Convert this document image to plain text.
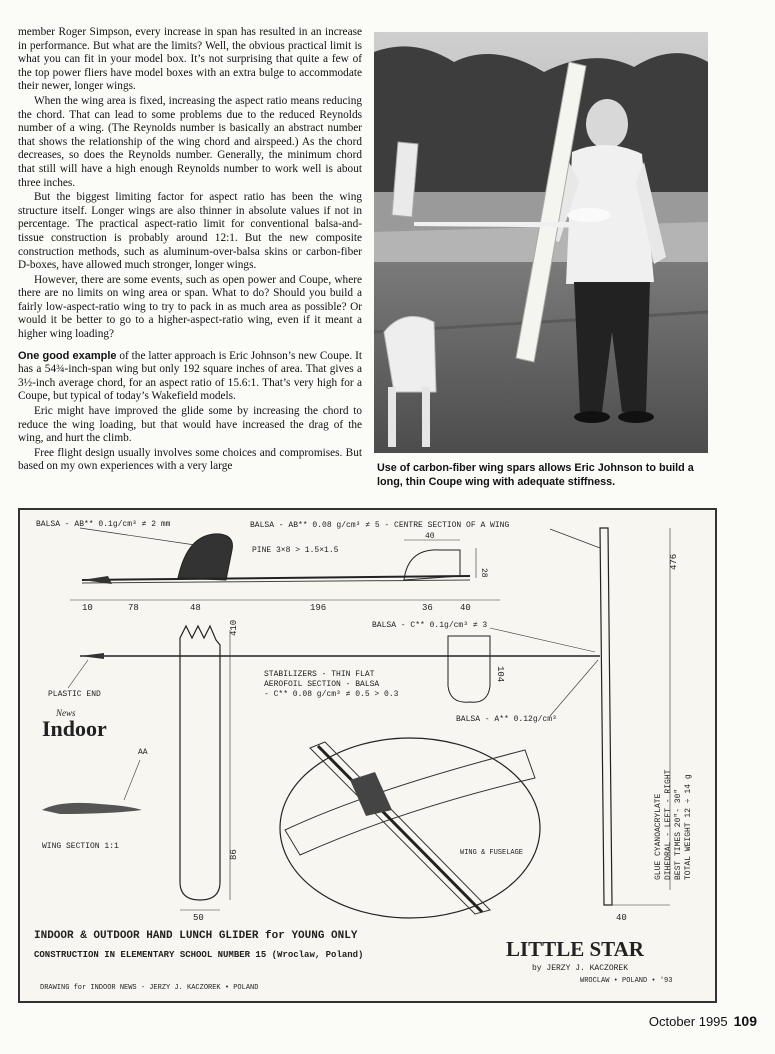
member Roger Simpson, every increase in span has resulted in an increase in performance. But what are the limits? Well, the obvious practical limit is what you can fit in your model box. It’s not surprising that quite a few of the top power fliers have model boxes with an extra bulge to accommodate their newer, longer wings.

When the wing area is fixed, increasing the aspect ratio means reducing the chord. That can lead to some problems due to the reduced Reynolds number of a wing. (The Reynolds number is basically an abstract number that shows the relationship of the wing chord and airspeed.) As the chord decreases, so does the Reynolds number. Generally, the minimum chord that still will have a high enough Reynolds number to work well is about three inches.

But the biggest limiting factor for aspect ratio has been the wing structure itself. Longer wings are also thinner in absolute values if not in percentage. The practical aspect-ratio limit for conventional balsa-and-tissue construction is probably around 12:1. But the new composite construction methods, such as aluminum-over-balsa skins or carbon-fiber D-boxes, have allowed much stronger, longer wings.

However, there are some events, such as open power and Coupe, where there are no limits on wing area or span. What to do? Should you build a fairly low-aspect-ratio wing to try to pack in as much area as possible? Or would it be better to go to a higher-aspect-ratio wing, even if it meant a higher wing loading?

One good example of the latter approach is Eric Johnson’s new Coupe. It has a 54¾-inch-span wing but only 192 square inches of area. That gives a 3½-inch average chord, for an aspect ratio of 15.6:1. That’s very high for a Coupe, but typical of today’s Wakefield models.

Eric might have improved the glide some by increasing the chord to reduce the wing loading, but that would have increased the drag of the wing, and hurt the climb.

Free flight design usually involves some choices and compromises. But based on my own experiences with a very large	Use of carbon-fiber wing spars allows Eric Johnson to build a long, thin Coupe wing with adequate stiffness.
BALSA - AB** 0.1g/cm³ ≠ 2 mm	BALSA - AB** 0.08 g/cm³ ≠ 5 - CENTRE SECTION OF A WING
PINE 3×8 > 1.5×1.5
40
28
10	78	48	196	36	40
476
BALSA - C** 0.1g/cm³ ≠ 3
PLASTIC END
104
STABILIZERS - THIN FLAT
AEROFOIL SECTION - BALSA
- C** 0.08 g/cm³ ≠ 0.5 > 0.3
BALSA - A** 0.12g/cm³
410
86
50
News
Indoor
AA
WING SECTION 1:1
WING & FUSELAGE	GLUE CYANOACRYLATE DIHEDRAL - LEFT - RIGHT BEST TIMES 20"- 30" TOTAL WEIGHT 12 ÷ 14 g
40
INDOOR & OUTDOOR HAND LUNCH GLIDER for YOUNG ONLY
CONSTRUCTION IN ELEMENTARY SCHOOL NUMBER 15 (Wroclaw, Poland)	LITTLE STAR
by JERZY J. KACZOREK
WROCLAW • POLAND • '93
DRAWING for INDOOR NEWS - JERZY J. KACZOREK • POLAND
October 1995 109
